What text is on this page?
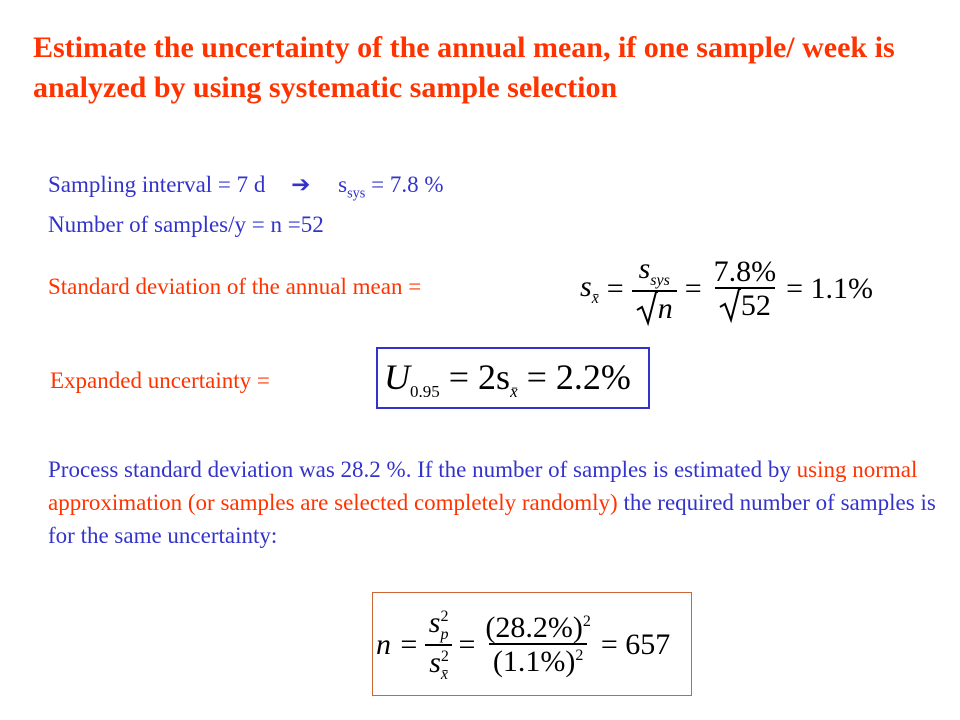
Estimate the uncertainty of the annual mean, if one sample/ week is analyzed by using systematic sample selection
Sampling interval = 7 d ➔ $s_{sys} = 7.8$ %
Number of samples/y = n =52
Standard deviation of the annual mean =	$s_{x̄} = \frac{s_{sys}}{n} = \frac{7.8\%}{52} = 1.1\%$
Expanded uncertainty =	$U_{0.95} = 2s_{x̄} = 2.2\%$
Process standard deviation was 28.2 %. If the number of samples is estimated by using normal approximation (or samples are selected completely randomly) the required number of samples is for the same uncertainty:
$n = \frac{s^2_p}{s^2_{x̄}} = \frac{(28.2\%)^2}{(1.1\%)^2} = 657$
